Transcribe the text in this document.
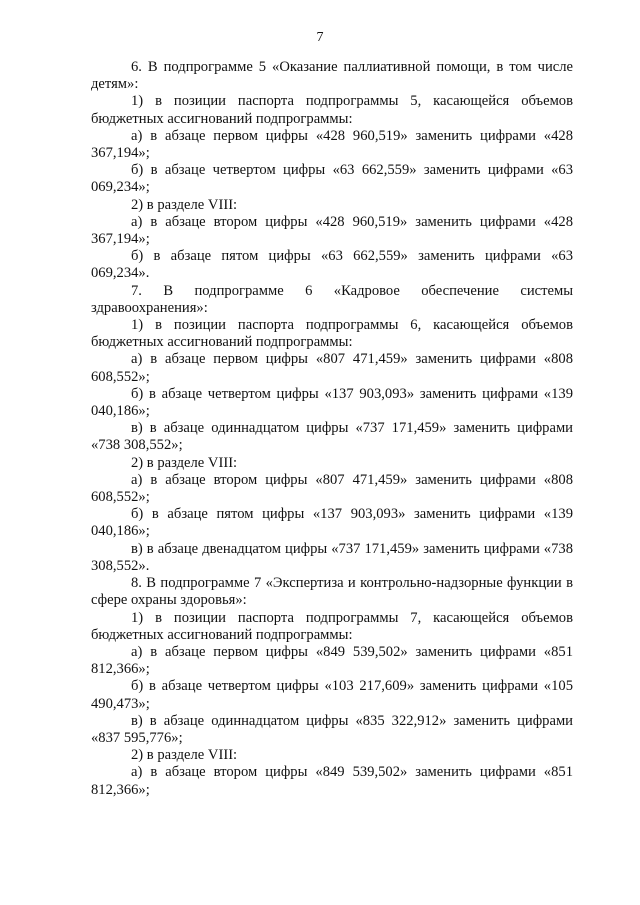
7

6. В подпрограмме 5 «Оказание паллиативной помощи, в том числе детям»:

1) в позиции паспорта подпрограммы 5, касающейся объемов бюджетных ассигнований подпрограммы:

а) в абзаце первом цифры «428 960,519» заменить цифрами «428 367,194»;

б) в абзаце четвертом цифры «63 662,559» заменить цифрами «63 069,234»;

2) в разделе VIII:

а) в абзаце втором цифры «428 960,519» заменить цифрами «428 367,194»;

б) в абзаце пятом цифры «63 662,559» заменить цифрами «63 069,234».

7. В подпрограмме 6 «Кадровое обеспечение системы здравоохранения»:

1) в позиции паспорта подпрограммы 6, касающейся объемов бюджетных ассигнований подпрограммы:

а) в абзаце первом цифры «807 471,459» заменить цифрами «808 608,552»;

б) в абзаце четвертом цифры «137 903,093» заменить цифрами «139 040,186»;

в) в абзаце одиннадцатом цифры «737 171,459» заменить цифрами «738 308,552»;

2) в разделе VIII:

а) в абзаце втором цифры «807 471,459» заменить цифрами «808 608,552»;

б) в абзаце пятом цифры «137 903,093» заменить цифрами «139 040,186»;

в) в абзаце двенадцатом цифры «737 171,459» заменить цифрами «738 308,552».

8. В подпрограмме 7 «Экспертиза и контрольно-надзорные функции в сфере охраны здоровья»:

1) в позиции паспорта подпрограммы 7, касающейся объемов бюджетных ассигнований подпрограммы:

а) в абзаце первом цифры «849 539,502» заменить цифрами «851 812,366»;

б) в абзаце четвертом цифры «103 217,609» заменить цифрами «105 490,473»;

в) в абзаце одиннадцатом цифры «835 322,912» заменить цифрами «837 595,776»;

2) в разделе VIII:

а) в абзаце втором цифры «849 539,502» заменить цифрами «851 812,366»;
